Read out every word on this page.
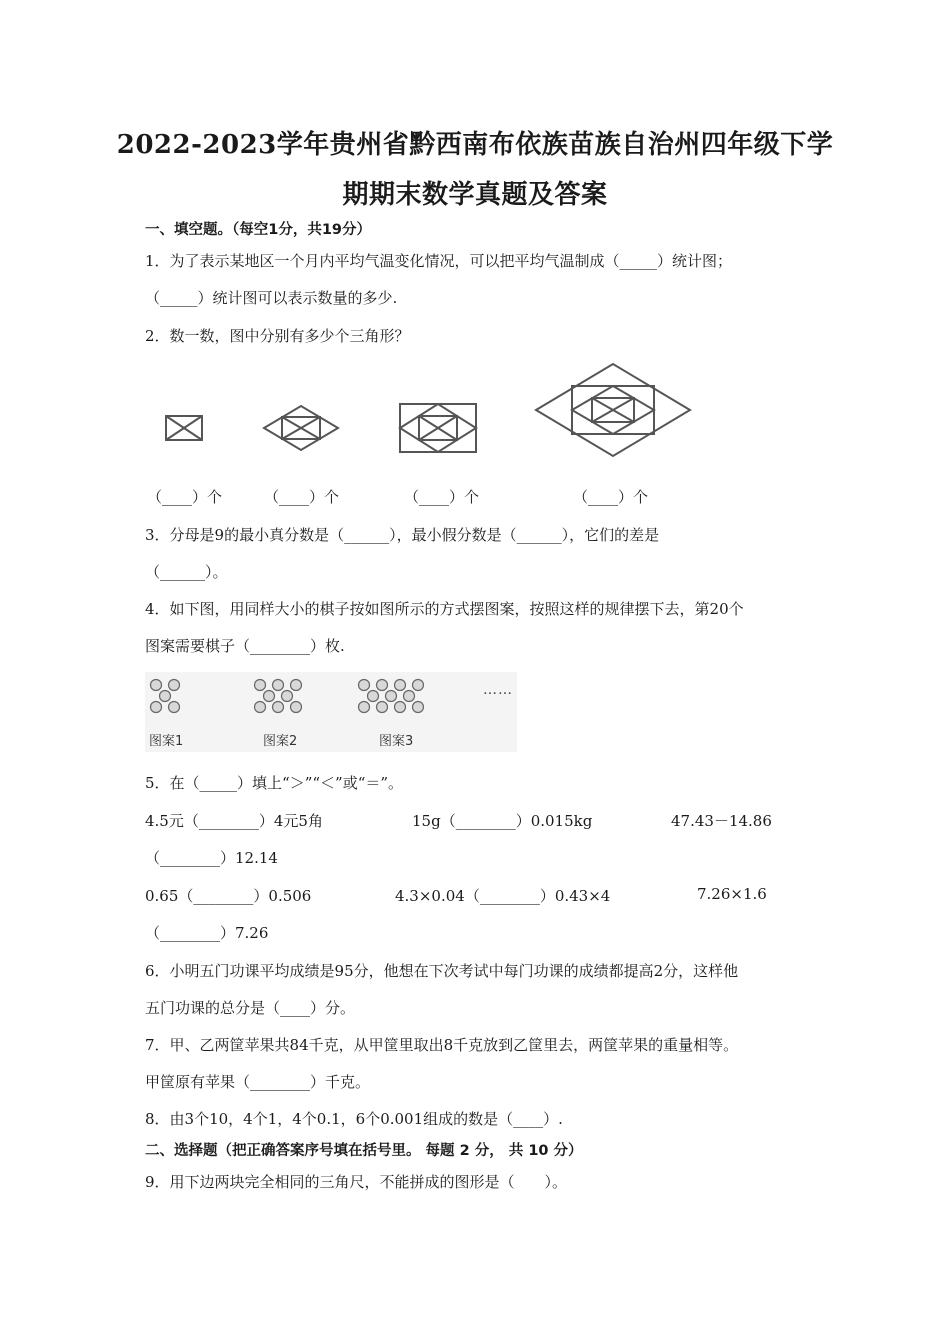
2022-2023学年贵州省黔西南布依族苗族自治州四年级下学
期期末数学真题及答案
一、填空题。（每空1分，共19分）
1．为了表示某地区一个月内平均气温变化情况，可以把平均气温制成（_____）统计图；
（_____）统计图可以表示数量的多少.
2．数一数，图中分别有多少个三角形？
（____）个	（____）个	（____）个	（____）个
3．分母是9的最小真分数是（______），最小假分数是（______），它们的差是
（______）。
4．如下图，用同样大小的棋子按如图所示的方式摆图案，按照这样的规律摆下去，第20个
图案需要棋子（________）枚.
图案1	图案2	图案3
……
5．在（_____）填上“＞”“＜”或“＝”。
4.5元（________）4元5角	15g（________）0.015kg	47.43－14.86
（________）12.14
0.65（________）0.506	4.3×0.04（________）0.43×4	7.26×1.6
（________）7.26
6．小明五门功课平均成绩是95分，他想在下次考试中每门功课的成绩都提高2分，这样他
五门功课的总分是（____）分。
7．甲、乙两筐苹果共84千克，从甲筐里取出8千克放到乙筐里去，两筐苹果的重量相等。
甲筐原有苹果（________）千克。
8．由3个10，4个1，4个0.1，6个0.001组成的数是（____）.
二、选择题（把正确答案序号填在括号里。 每题 2 分， 共 10 分）
9．用下边两块完全相同的三角尺，不能拼成的图形是（　　）。
